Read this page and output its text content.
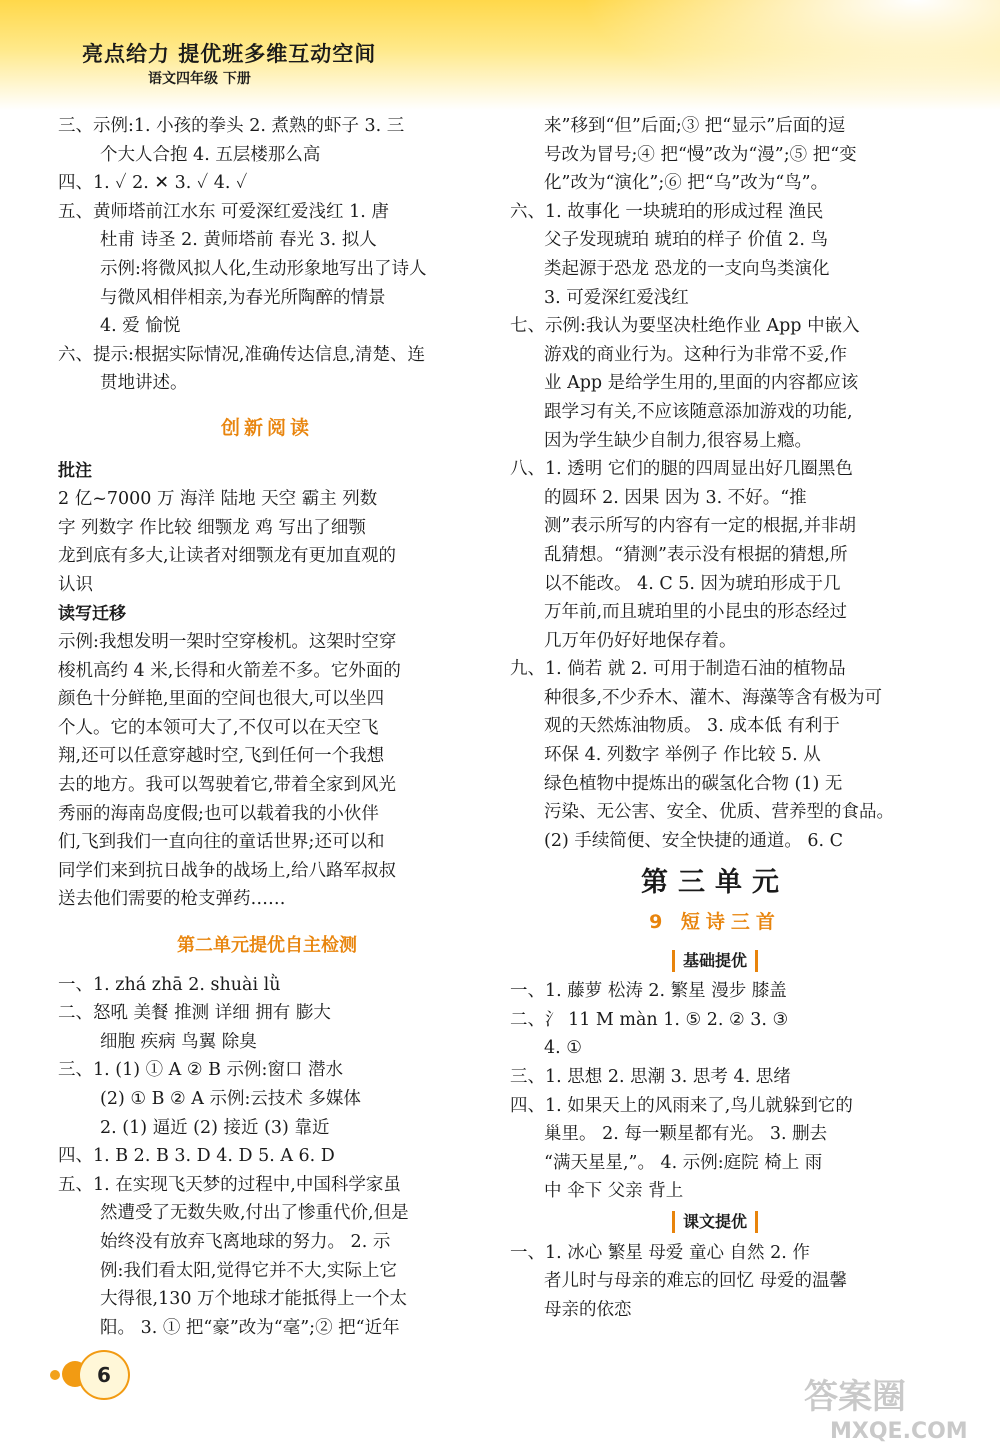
亮点给力 提优班多维互动空间
语文四年级 下册

三、示例:1. 小孩的拳头 2. 煮熟的虾子 3. 三

个大人合抱 4. 五层楼那么高

四、1. ✓ 2. ✕ 3. ✓ 4. ✓

五、黄师塔前江水东 可爱深红爱浅红 1. 唐

杜甫 诗圣 2. 黄师塔前 春光 3. 拟人

示例:将微风拟人化,生动形象地写出了诗人

与微风相伴相亲,为春光所陶醉的情景

4. 爱 愉悦

六、提示:根据实际情况,准确传达信息,清楚、连

贯地讲述。

创新阅读

批注

2 亿~7000 万 海洋 陆地 天空 霸主 列数

字 列数字 作比较 细颚龙 鸡 写出了细颚

龙到底有多大,让读者对细颚龙有更加直观的

认识

读写迁移

示例:我想发明一架时空穿梭机。这架时空穿

梭机高约 4 米,长得和火箭差不多。它外面的

颜色十分鲜艳,里面的空间也很大,可以坐四

个人。它的本领可大了,不仅可以在天空飞

翔,还可以任意穿越时空,飞到任何一个我想

去的地方。我可以驾驶着它,带着全家到风光

秀丽的海南岛度假;也可以载着我的小伙伴

们,飞到我们一直向往的童话世界;还可以和

同学们来到抗日战争的战场上,给八路军叔叔

送去他们需要的枪支弹药……

第二单元提优自主检测

一、1. zhá zhā 2. shuài lǜ

二、怒吼 美餐 推测 详细 拥有 膨大

细胞 疾病 鸟翼 除臭

三、1. (1) ① A ② B 示例:窗口 潜水

(2) ① B ② A 示例:云技术 多媒体

2. (1) 逼近 (2) 接近 (3) 靠近

四、1. B 2. B 3. D 4. D 5. A 6. D

五、1. 在实现飞天梦的过程中,中国科学家虽

然遭受了无数失败,付出了惨重代价,但是

始终没有放弃飞离地球的努力。 2. 示

例:我们看太阳,觉得它并不大,实际上它

大得很,130 万个地球才能抵得上一个太

阳。 3. ① 把“豪”改为“毫”;② 把“近年

来”移到“但”后面;③ 把“显示”后面的逗

号改为冒号;④ 把“慢”改为“漫”;⑤ 把“变

化”改为“演化”;⑥ 把“乌”改为“鸟”。

六、1. 故事化 一块琥珀的形成过程 渔民

父子发现琥珀 琥珀的样子 价值 2. 鸟

类起源于恐龙 恐龙的一支向鸟类演化

3. 可爱深红爱浅红

七、示例:我认为要坚决杜绝作业 App 中嵌入

游戏的商业行为。这种行为非常不妥,作

业 App 是给学生用的,里面的内容都应该

跟学习有关,不应该随意添加游戏的功能,

因为学生缺少自制力,很容易上瘾。

八、1. 透明 它们的腿的四周显出好几圈黑色

的圆环 2. 因果 因为 3. 不好。“推

测”表示所写的内容有一定的根据,并非胡

乱猜想。“猜测”表示没有根据的猜想,所

以不能改。 4. C 5. 因为琥珀形成于几

万年前,而且琥珀里的小昆虫的形态经过

几万年仍好好地保存着。

九、1. 倘若 就 2. 可用于制造石油的植物品

种很多,不少乔木、灌木、海藻等含有极为可

观的天然炼油物质。 3. 成本低 有利于

环保 4. 列数字 举例子 作比较 5. 从

绿色植物中提炼出的碳氢化合物 (1) 无

污染、无公害、安全、优质、营养型的食品。

(2) 手续简便、安全快捷的通道。 6. C

第三单元
9 短诗三首
基础提优

一、1. 藤萝 松涛 2. 繁星 漫步 膝盖

二、氵 11 M màn 1. ⑤ 2. ② 3. ③

4. ①

三、1. 思想 2. 思潮 3. 思考 4. 思绪

四、1. 如果天上的风雨来了,鸟儿就躲到它的

巢里。 2. 每一颗星都有光。 3. 删去

“满天星星,”。 4. 示例:庭院 椅上 雨

中 伞下 父亲 背上

课文提优

一、1. 冰心 繁星 母爱 童心 自然 2. 作

者儿时与母亲的难忘的回忆 母爱的温馨

母亲的依恋

6
答案圈
MXQE.COM
